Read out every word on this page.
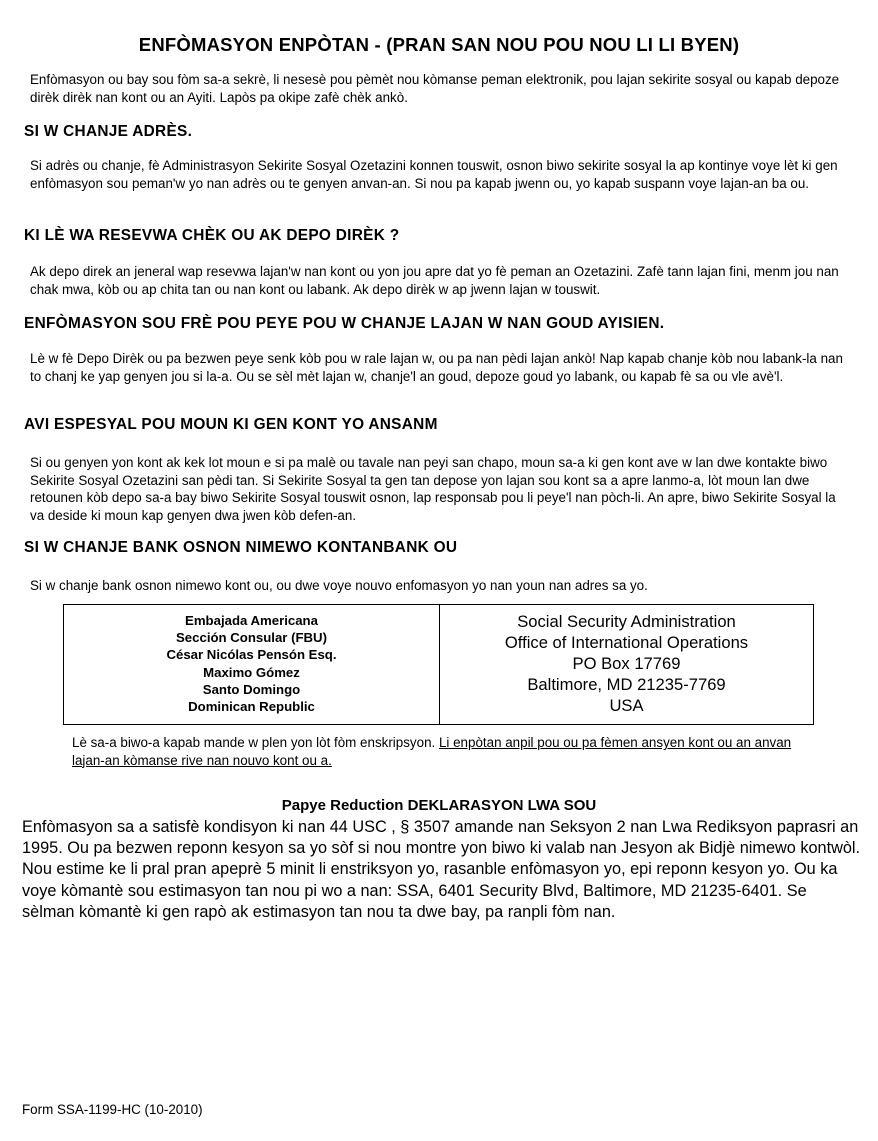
ENFÒMASYON ENPÒTAN - (PRAN SAN NOU POU NOU LI LI BYEN)
Enfòmasyon ou bay sou fòm sa-a sekrè, li nesesè pou pèmèt nou kòmanse peman elektronik, pou lajan sekirite sosyal ou kapab depoze dirèk dirèk nan kont ou an Ayiti. Lapòs pa okipe zafè chèk ankò.
SI W CHANJE ADRÈS.
Si adrès ou chanje, fè Administrasyon Sekirite Sosyal Ozetazini konnen touswit, osnon biwo sekirite sosyal la ap kontinye voye lèt ki gen enfòmasyon sou peman'w yo nan adrès ou te genyen anvan-an. Si nou pa kapab jwenn ou, yo kapab suspann voye lajan-an ba ou.
KI LÈ WA RESEVWA CHÈK OU AK DEPO DIRÈK ?
Ak depo direk an jeneral wap resevwa lajan'w nan kont ou yon jou apre dat yo fè peman an Ozetazini. Zafè tann lajan fini, menm jou nan chak mwa, kòb ou ap chita tan ou nan kont ou labank. Ak depo dirèk w ap jwenn lajan w touswit.
ENFÒMASYON SOU FRÈ POU PEYE POU W CHANJE LAJAN W NAN GOUD AYISIEN.
Lè w fè Depo Dirèk ou pa bezwen peye senk kòb pou w rale lajan w, ou pa nan pèdi lajan ankò! Nap kapab chanje kòb nou labank-la nan to chanj ke yap genyen jou si la-a. Ou se sèl mèt lajan w, chanje'l an goud, depoze goud yo labank, ou kapab fè sa ou vle avè'l.
AVI ESPESYAL POU MOUN KI GEN KONT YO ANSANM
Si ou genyen yon kont ak kek lot moun e si pa malè ou tavale nan peyi san chapo, moun sa-a ki gen kont ave w lan dwe kontakte biwo Sekirite Sosyal Ozetazini san pèdi tan. Si Sekirite Sosyal ta gen tan depose yon lajan sou kont sa a apre lanmo-a, lòt moun lan dwe retounen kòb depo sa-a bay biwo Sekirite Sosyal touswit osnon, lap responsab pou li peye'l nan pòch-li. An apre, biwo Sekirite Sosyal la va deside ki moun kap genyen dwa jwen kòb defen-an.
SI W CHANJE BANK OSNON NIMEWO KONTANBANK OU
Si w chanje bank osnon nimewo kont ou, ou dwe voye nouvo enfomasyon yo nan youn nan adres sa yo.
Embajada Americana
Sección Consular (FBU)
César Nicólas Pensón Esq.
Maximo Gómez
Santo Domingo
Dominican Republic
Social Security Administration
Office of International Operations
PO Box 17769
Baltimore, MD 21235-7769
USA
Lè sa-a biwo-a kapab mande w plen yon lòt fòm enskripsyon. Li enpòtan anpil pou ou pa fèmen ansyen kont ou an anvan lajan-an kòmanse rive nan nouvo kont ou a.
Papye Reduction DEKLARASYON LWA SOU
Enfòmasyon sa a satisfè kondisyon ki nan 44 USC , § 3507 amande nan Seksyon 2 nan Lwa Rediksyon paprasri an 1995. Ou pa bezwen reponn kesyon sa yo sòf si nou montre yon biwo ki valab nan Jesyon ak Bidjè nimewo kontwòl. Nou estime ke li pral pran apeprè 5 minit li enstriksyon yo, rasanble enfòmasyon yo, epi reponn kesyon yo. Ou ka voye kòmantè sou estimasyon tan nou pi wo a nan: SSA, 6401 Security Blvd, Baltimore, MD 21235-6401. Se sèlman kòmantè ki gen rapò ak estimasyon tan nou ta dwe bay, pa ranpli fòm nan.
Form SSA-1199-HC (10-2010)
